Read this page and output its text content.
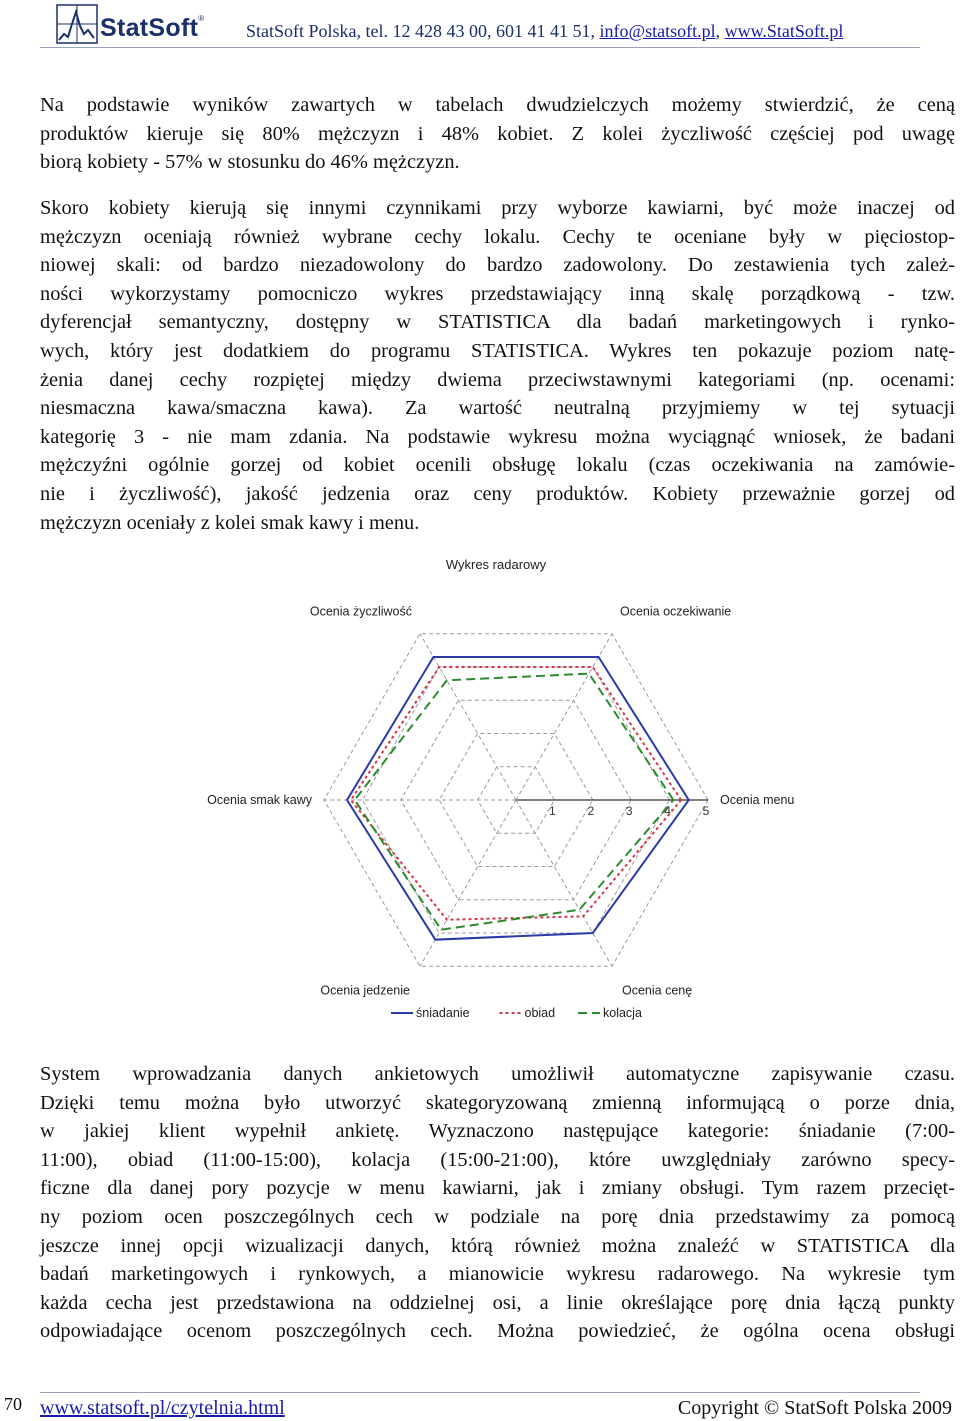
StatSoft®
StatSoft Polska, tel. 12 428 43 00, 601 41 41 51, info@statsoft.pl, www.StatSoft.pl
Na podstawie wyników zawartych w tabelach dwudzielczych możemy stwierdzić, że ceną
produktów kieruje się 80% mężczyzn i 48% kobiet. Z kolei życzliwość częściej pod uwagę
biorą kobiety - 57% w stosunku do 46% mężczyzn.
Skoro kobiety kierują się innymi czynnikami przy wyborze kawiarni, być może inaczej od
mężczyzn oceniają również wybrane cechy lokalu. Cechy te oceniane były w pięciostop-
niowej skali: od bardzo niezadowolony do bardzo zadowolony. Do zestawienia tych zależ-
ności wykorzystamy pomocniczo wykres przedstawiający inną skalę porządkową - tzw.
dyferencjał semantyczny, dostępny w STATISTICA dla badań marketingowych i rynko-
wych, który jest dodatkiem do programu STATISTICA. Wykres ten pokazuje poziom natę-
żenia danej cechy rozpiętej między dwiema przeciwstawnymi kategoriami (np. ocenami:
niesmaczna kawa/smaczna kawa). Za wartość neutralną przyjmiemy w tej sytuacji
kategorię 3 - nie mam zdania. Na podstawie wykresu można wyciągnąć wniosek, że badani
mężczyźni ogólnie gorzej od kobiet ocenili obsługę lokalu (czas oczekiwania na zamówie-
nie i życzliwość), jakość jedzenia oraz ceny produktów. Kobiety przeważnie gorzej od
mężczyzn oceniały z kolei smak kawy i menu.
Wykres radarowy
1	2	3	4	5
Ocenia menu
Ocenia oczekiwanie
Ocenia życzliwość
Ocenia smak kawy
Ocenia jedzenie	Ocenia cenę
śniadanie	obiad	kolacja
System wprowadzania danych ankietowych umożliwił automatyczne zapisywanie czasu.
Dzięki temu można było utworzyć skategoryzowaną zmienną informującą o porze dnia,
w jakiej klient wypełnił ankietę. Wyznaczono następujące kategorie: śniadanie (7:00-
11:00), obiad (11:00-15:00), kolacja (15:00-21:00), które uwzględniały zarówno specy-
ficzne dla danej pory pozycje w menu kawiarni, jak i zmiany obsługi. Tym razem przecięt-
ny poziom ocen poszczególnych cech w podziale na porę dnia przedstawimy za pomocą
jeszcze innej opcji wizualizacji danych, którą również można znaleźć w STATISTICA dla
badań marketingowych i rynkowych, a mianowicie wykresu radarowego. Na wykresie tym
każda cecha jest przedstawiona na oddzielnej osi, a linie określające porę dnia łączą punkty
odpowiadające ocenom poszczególnych cech. Można powiedzieć, że ogólna ocena obsługi
70 www.statsoft.pl/czytelnia.html	Copyright © StatSoft Polska 2009
